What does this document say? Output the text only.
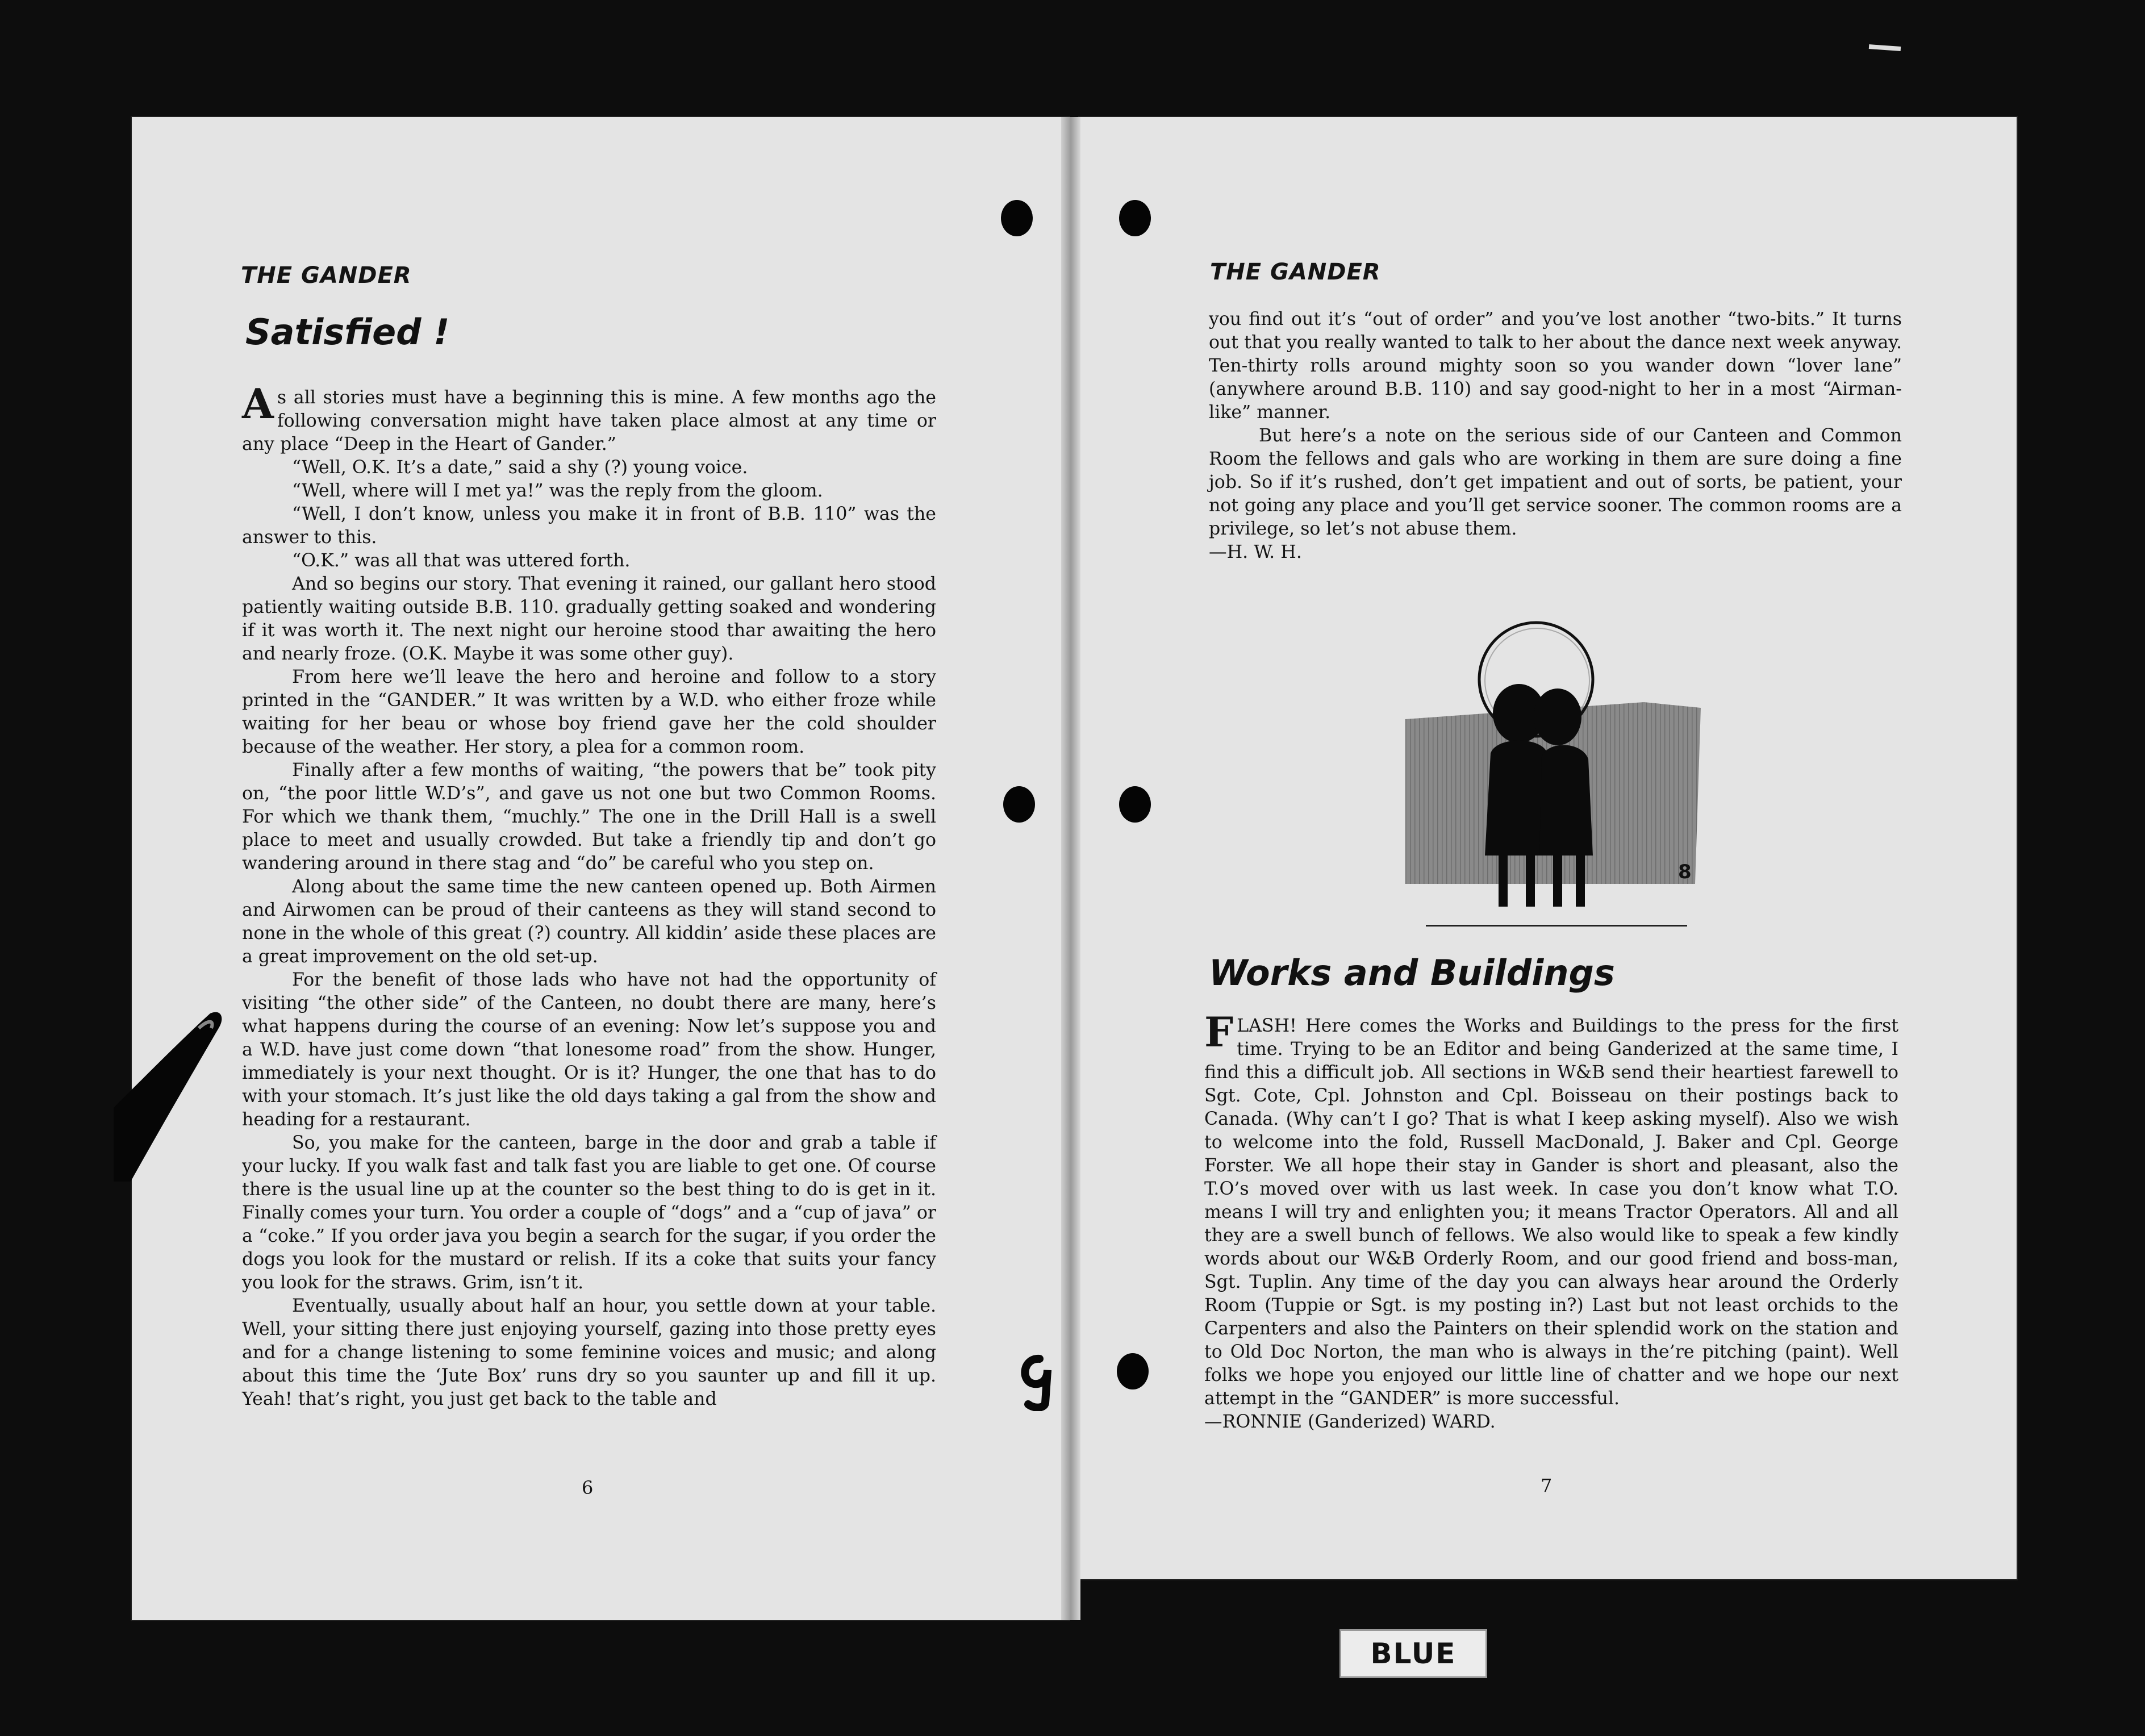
THE GANDER
Satisfied !

As all stories must have a beginning this is mine. A few months ago the following conversation might have taken place almost at any time or any place “Deep in the Heart of Gander.”

“Well, O.K. It’s a date,” said a shy (?) young voice.

“Well, where will I met ya!” was the reply from the gloom.

“Well, I don’t know, unless you make it in front of B.B. 110” was the answer to this.

“O.K.” was all that was uttered forth.

And so begins our story. That evening it rained, our gallant hero stood patiently waiting outside B.B. 110. gradually getting soaked and wondering if it was worth it. The next night our heroine stood thar awaiting the hero and nearly froze. (O.K. Maybe it was some other guy).

From here we’ll leave the hero and heroine and follow to a story printed in the “GANDER.” It was written by a W.D. who either froze while waiting for her beau or whose boy friend gave her the cold shoulder because of the weather. Her story, a plea for a common room.

Finally after a few months of waiting, “the powers that be” took pity on, “the poor little W.D’s”, and gave us not one but two Common Rooms. For which we thank them, “muchly.” The one in the Drill Hall is a swell place to meet and usually crowded. But take a friendly tip and don’t go wandering around in there stag and “do” be careful who you step on.

Along about the same time the new canteen opened up. Both Airmen and Airwomen can be proud of their canteens as they will stand second to none in the whole of this great (?) country. All kiddin’ aside these places are a great improvement on the old set-up.

For the benefit of those lads who have not had the opportunity of visiting “the other side” of the Canteen, no doubt there are many, here’s what happens during the course of an evening: Now let’s suppose you and a W.D. have just come down “that lonesome road” from the show. Hunger, immediately is your next thought. Or is it? Hunger, the one that has to do with your stomach. It’s just like the old days taking a gal from the show and heading for a restaurant.

So, you make for the canteen, barge in the door and grab a table if your lucky. If you walk fast and talk fast you are liable to get one. Of course there is the usual line up at the counter so the best thing to do is get in it. Finally comes your turn. You order a couple of “dogs” and a “cup of java” or a “coke.” If you order java you begin a search for the sugar, if you order the dogs you look for the mustard or relish. If its a coke that suits your fancy you look for the straws. Grim, isn’t it.

Eventually, usually about half an hour, you settle down at your table. Well, your sitting there just enjoying yourself, gazing into those pretty eyes and for a change listening to some feminine voices and music; and along about this time the ‘Jute Box’ runs dry so you saunter up and fill it up. Yeah! that’s right, you just get back to the table and

6
THE GANDER

you find out it’s “out of order” and you’ve lost another “two-bits.” It turns out that you really wanted to talk to her about the dance next week anyway. Ten-thirty rolls around mighty soon so you wander down “lover lane” (anywhere around B.B. 110) and say good-night to her in a most “Airman-like” manner.

But here’s a note on the serious side of our Canteen and Common Room the fellows and gals who are working in them are sure doing a fine job. So if it’s rushed, don’t get impatient and out of sorts, be patient, your not going any place and you’ll get service sooner. The common rooms are a privilege, so let’s not abuse them.

—H. W. H.

8
Works and Buildings

FLASH! Here comes the Works and Buildings to the press for the first time. Trying to be an Editor and being Ganderized at the same time, I find this a difficult job. All sections in W&B send their heartiest farewell to Sgt. Cote, Cpl. Johnston and Cpl. Boisseau on their postings back to Canada. (Why can’t I go? That is what I keep asking myself). Also we wish to welcome into the fold, Russell MacDonald, J. Baker and Cpl. George Forster. We all hope their stay in Gander is short and pleasant, also the T.O’s moved over with us last week. In case you don’t know what T.O. means I will try and enlighten you; it means Tractor Operators. All and all they are a swell bunch of fellows. We also would like to speak a few kindly words about our W&B Orderly Room, and our good friend and boss-man, Sgt. Tuplin. Any time of the day you can always hear around the Orderly Room (Tuppie or Sgt. is my posting in?) Last but not least orchids to the Carpenters and also the Painters on their splendid work on the station and to Old Doc Norton, the man who is always in the’re pitching (paint). Well folks we hope you enjoyed our little line of chatter and we hope our next attempt in the “GANDER” is more successful.

—RONNIE (Ganderized) WARD.

7
BLUE
